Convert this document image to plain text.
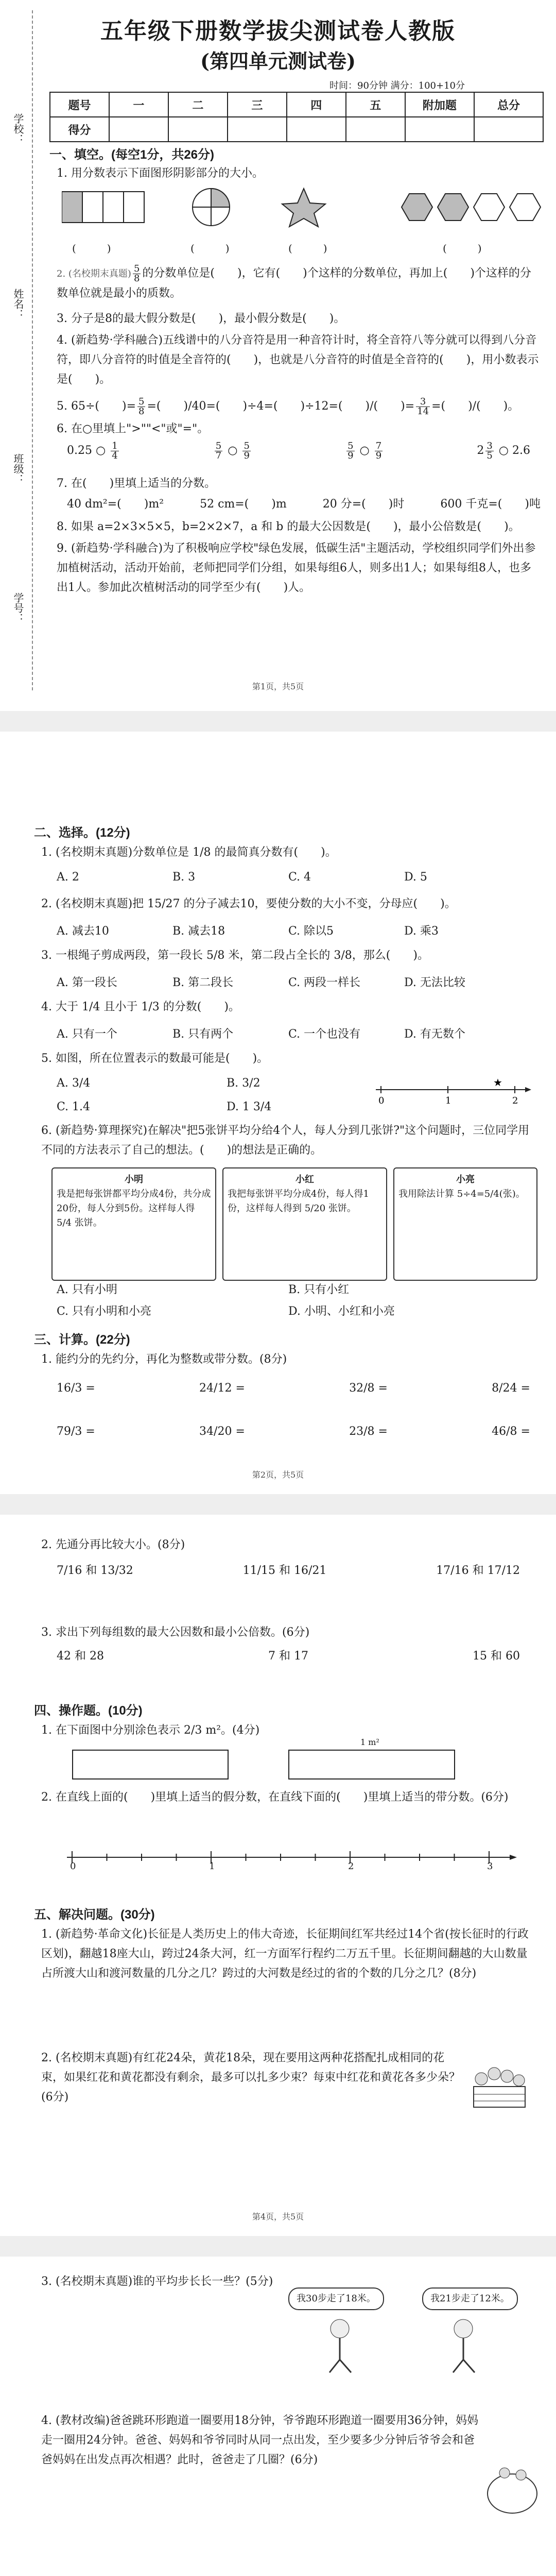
学校：
姓名：
班级：
学号：
五年级下册数学拔尖测试卷人教版
(第四单元测试卷)
时间：90分钟 满分：100+10分
题号	一	二	三	四	五	附加题	总分
得分							
一、填空。(每空1分，共26分)
1. 用分数表示下面图形阴影部分的大小。
(　　　)	(　　　)	(　　　)	(　　　)
2. (名校期末真题) $\frac{5}{8}$ 的分数单位是(　　)，它有(　　)个这样的分数单位，再加上(　　)个这样的分数单位就是最小的质数。
3. 分子是8的最大假分数是(　　)，最小假分数是(　　)。
4. (新趋势·学科融合)五线谱中的八分音符是用一种音符计时，将全音符八等分就可以得到八分音符，即八分音符的时值是全音符的(　　)，也就是八分音符的时值是全音符的(　　)，用小数表示是(　　)。
5. 65÷(　　)= $\frac{5}{8}$ =(　　)/40=(　　)÷4=(　　)÷12=(　　)/(　　)= $\frac{3}{14}$ =(　　)/(　　)。
6. 在○里填上">""<"或"="。
0.25 ○ $\frac{1}{4}$	$\frac{5}{7}$ ○ $\frac{5}{9}$	$\frac{5}{9}$ ○ $\frac{7}{9}$	$2 \frac{3}{5}$ ○ 2.6
7. 在(　　)里填上适当的分数。
40 dm²=(　　)m²	52 cm=(　　)m	20 分=(　　)时	600 千克=(　　)吨
8. 如果 a=2×3×5×5，b=2×2×7，a 和 b 的最大公因数是(　　)，最小公倍数是(　　)。
9. (新趋势·学科融合)为了积极响应学校"绿色发展，低碳生活"主题活动，学校组织同学们外出参加植树活动，活动开始前，老师把同学们分组，如果每组6人，则多出1人；如果每组8人，也多出1人。参加此次植树活动的同学至少有(　　)人。
第1页，共5页
二、选择。(12分)
1. (名校期末真题)分数单位是 1/8 的最简真分数有(　　)。
A. 2	B. 3	C. 4	D. 5
2. (名校期末真题)把 15/27 的分子减去10，要使分数的大小不变，分母应(　　)。
A. 减去10	B. 减去18	C. 除以5	D. 乘3
3. 一根绳子剪成两段，第一段长 5/8 米，第二段占全长的 3/8，那么(　　)。
A. 第一段长	B. 第二段长	C. 两段一样长	D. 无法比较
4. 大于 1/4 且小于 1/3 的分数(　　)。
A. 只有一个	B. 只有两个	C. 一个也没有	D. 有无数个
5. 如图，所在位置表示的数最可能是(　　)。
A. 3/4	B. 3/2
C. 1.4	D. 1 3/4	0	1	2
★
6. (新趋势·算理探究)在解决"把5张饼平均分给4个人，每人分到几张饼?"这个问题时，三位同学用不同的方法表示了自己的想法。(　　)的想法是正确的。
小明
我是把每张饼都平均分成4份，共分成20份，每人分到5份。这样每人得 5/4 张饼。
小红
我把每张饼平均分成4份，每人得1份，这样每人得到 5/20 张饼。
小亮
我用除法计算 5÷4=5/4(张)。
A. 只有小明	B. 只有小红
C. 只有小明和小亮	D. 小明、小红和小亮
三、计算。(22分)
1. 能约分的先约分，再化为整数或带分数。(8分)
16/3 =	24/12 =	32/8 =	8/24 =
79/3 =	34/20 =	23/8 =	46/8 =
第2页，共5页
2. 先通分再比较大小。(8分)
7/16 和 13/32	11/15 和 16/21	17/16 和 17/12
3. 求出下列每组数的最大公因数和最小公倍数。(6分)
42 和 28	7 和 17	15 和 60
四、操作题。(10分)
1. 在下面图中分别涂色表示 2/3 m²。(4分)
1 m²
2. 在直线上面的(　　)里填上适当的假分数，在直线下面的(　　)里填上适当的带分数。(6分)
0	1	2	3
五、解决问题。(30分)
1. (新趋势·革命文化)长征是人类历史上的伟大奇迹，长征期间红军共经过14个省(按长征时的行政区划)，翻越18座大山，跨过24条大河，红一方面军行程约二万五千里。长征期间翻越的大山数量占所渡大山和渡河数量的几分之几？跨过的大河数是经过的省的个数的几分之几？(8分)
2. (名校期末真题)有红花24朵，黄花18朵，现在要用这两种花搭配扎成相同的花束，如果红花和黄花都没有剩余，最多可以扎多少束？每束中红花和黄花各多少朵？(6分)
第4页，共5页
3. (名校期末真题)谁的平均步长长一些？(5分)
我30步走了18米。	我21步走了12米。
4. (教材改编)爸爸跳环形跑道一圈要用18分钟，爷爷跑环形跑道一圈要用36分钟，妈妈走一圈用24分钟。爸爸、妈妈和爷爷同时从同一点出发，至少要多少分钟后爷爷会和爸爸妈妈在出发点再次相遇？此时，爸爸走了几圈？(6分)
